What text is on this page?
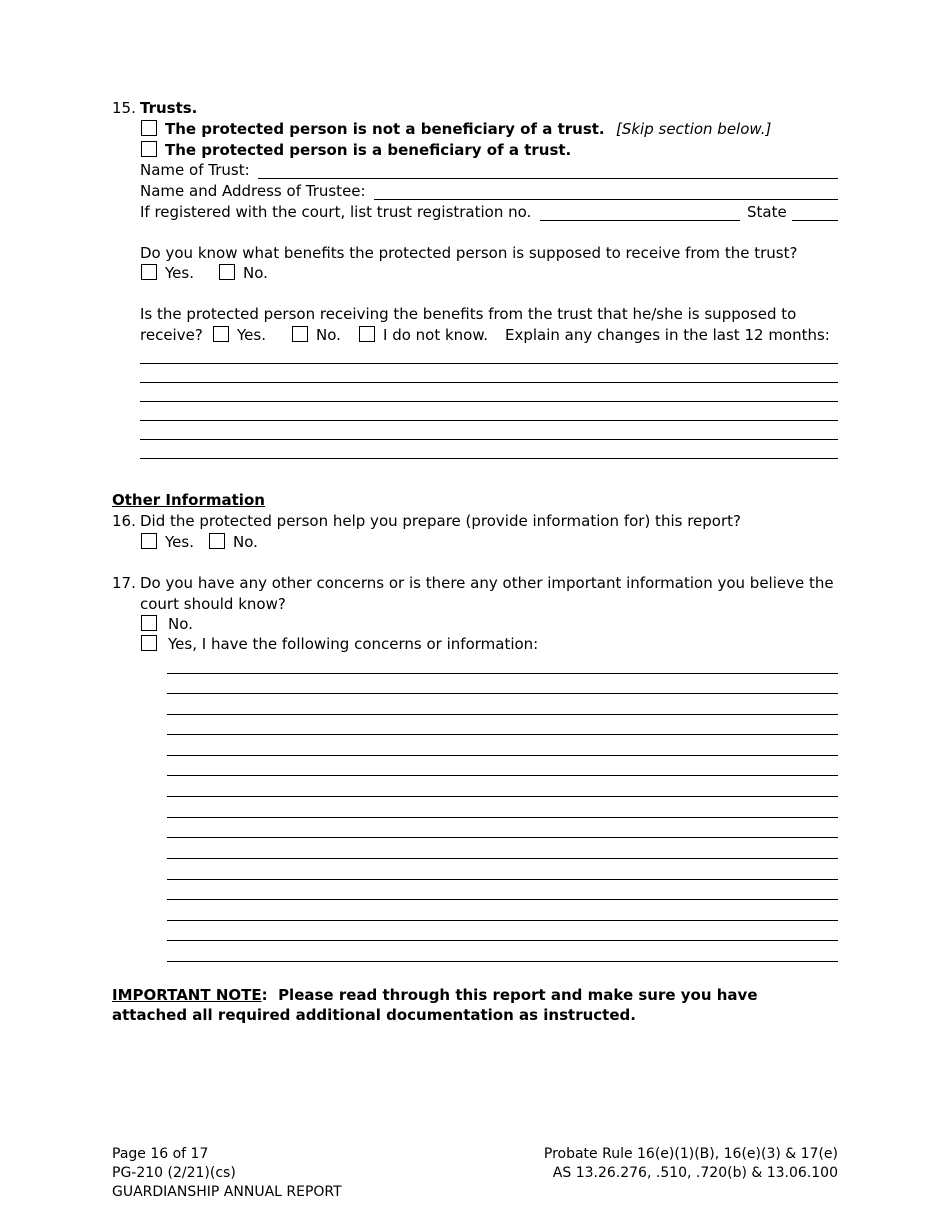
15. Trusts.
The protected person is not a beneficiary of a trust. [Skip section below.]
The protected person is a beneficiary of a trust.
Name of Trust:
Name and Address of Trustee:
If registered with the court, list trust registration no.	State
Do you know what benefits the protected person is supposed to receive from the trust?
Yes.	No.
Is the protected person receiving the benefits from the trust that he/she is supposed to
receive? Yes.	No.	I do not know. Explain any changes in the last 12 months:
Other Information
16. Did the protected person help you prepare (provide information for) this report?
Yes.	No.
17. Do you have any other concerns or is there any other important information you believe the
court should know?
No.
Yes, I have the following concerns or information:
IMPORTANT NOTE: Please read through this report and make sure you have
attached all required additional documentation as instructed.
Page 16 of 17
PG-210 (2/21)(cs)
GUARDIANSHIP ANNUAL REPORT
Probate Rule 16(e)(1)(B), 16(e)(3) & 17(e)
AS 13.26.276, .510, .720(b) & 13.06.100
